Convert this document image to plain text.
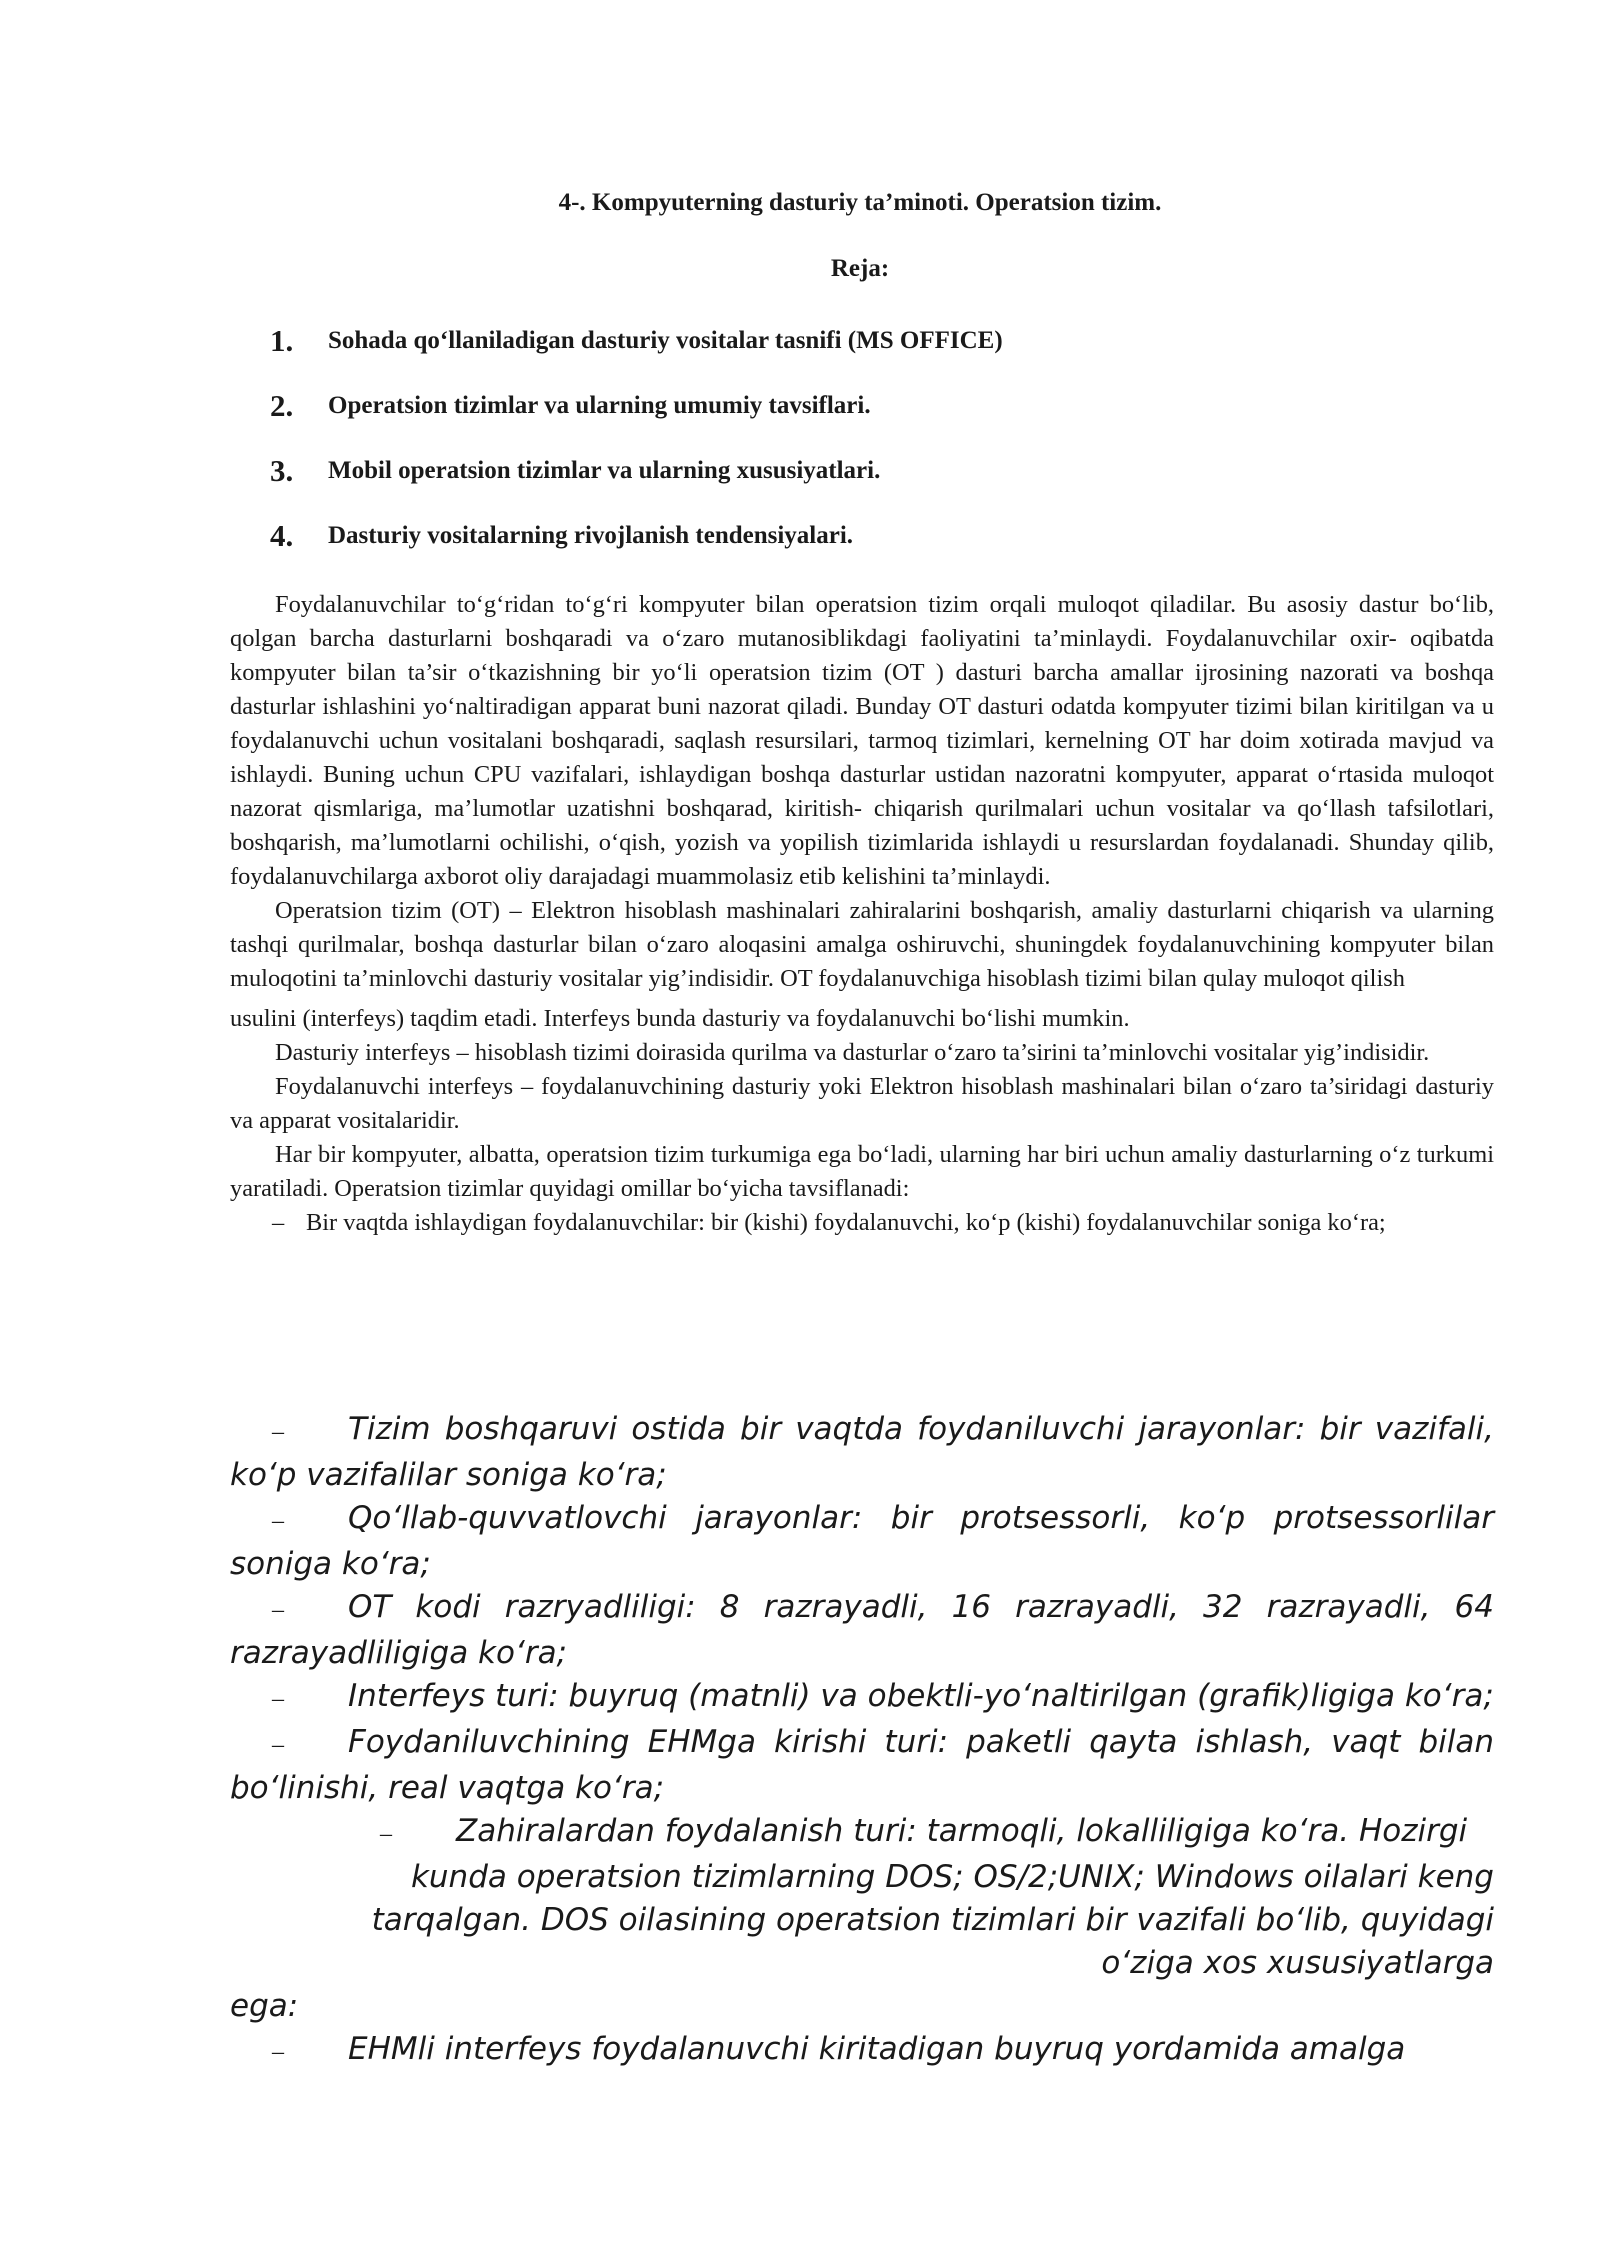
4-. Kompyuterning dasturiy ta’minoti. Operatsion tizim.
Reja:
1.	Sohada qo‘llaniladigan dasturiy vositalar tasnifi (MS OFFICE)
2.	Operatsion tizimlar va ularning umumiy tavsiflari.
3.	Mobil operatsion tizimlar va ularning xususiyatlari.
4.	Dasturiy vositalarning rivojlanish tendensiyalari.

Foydalanuvchilar to‘g‘ridan to‘g‘ri kompyuter bilan operatsion tizim orqali muloqot qiladilar. Bu asosiy dastur bo‘lib, qolgan barcha dasturlarni boshqaradi va o‘zaro mutanosiblikdagi faoliyatini ta’minlaydi. Foydalanuvchilar oxir- oqibatda kompyuter bilan ta’sir o‘tkazishning bir yo‘li operatsion tizim (OT ) dasturi barcha amallar ijrosining nazorati va boshqa dasturlar ishlashini yo‘naltiradigan apparat buni nazorat qiladi. Bunday OT dasturi odatda kompyuter tizimi bilan kiritilgan va u foydalanuvchi uchun vositalani boshqaradi, saqlash resursilari, tarmoq tizimlari, kernelning OT har doim xotirada mavjud va ishlaydi. Buning uchun CPU vazifalari, ishlaydigan boshqa dasturlar ustidan nazoratni kompyuter, apparat o‘rtasida muloqot nazorat qismlariga, ma’lumotlar uzatishni boshqarad, kiritish- chiqarish qurilmalari uchun vositalar va qo‘llash tafsilotlari, boshqarish, ma’lumotlarni ochilishi, o‘qish, yozish va yopilish tizimlarida ishlaydi u resurslardan foydalanadi. Shunday qilib, foydalanuvchilarga axborot oliy darajadagi muammolasiz etib kelishini ta’minlaydi.

Operatsion tizim (OT) – Elektron hisoblash mashinalari zahiralarini boshqarish, amaliy dasturlarni chiqarish va ularning tashqi qurilmalar, boshqa dasturlar bilan o‘zaro aloqasini amalga oshiruvchi, shuningdek foydalanuvchining kompyuter bilan muloqotini ta’minlovchi dasturiy vositalar yig’indisidir. OT foydalanuvchiga hisoblash tizimi bilan qulay muloqot qilish

usulini (interfeys) taqdim etadi. Interfeys bunda dasturiy va foydalanuvchi bo‘lishi mumkin.

Dasturiy interfeys – hisoblash tizimi doirasida qurilma va dasturlar o‘zaro ta’sirini ta’minlovchi vositalar yig’indisidir.

Foydalanuvchi interfeys – foydalanuvchining dasturiy yoki Elektron hisoblash mashinalari bilan o‘zaro ta’siridagi dasturiy va apparat vositalaridir.

Har bir kompyuter, albatta, operatsion tizim turkumiga ega bo‘ladi, ularning har biri uchun amaliy dasturlarning o‘z turkumi yaratiladi. Operatsion tizimlar quyidagi omillar bo‘yicha tavsiflanadi:

–Bir vaqtda ishlaydigan foydalanuvchilar: bir (kishi) foydalanuvchi, ko‘p (kishi) foydalanuvchilar soniga ko‘ra;

–Tizim boshqaruvi ostida bir vaqtda foydaniluvchi jarayonlar: bir vazifali, ko‘p vazifalilar soniga ko‘ra;

–Qo‘llab-quvvatlovchi jarayonlar: bir protsessorli, ko‘p protsessorlilar soniga ko‘ra;

–OT kodi razryadliligi: 8 razrayadli, 16 razrayadli, 32 razrayadli, 64 razrayadliligiga ko‘ra;

–Interfeys turi: buyruq (matnli) va obektli-yo‘naltirilgan (grafik)ligiga ko‘ra;

–Foydaniluvchining EHMga kirishi turi: paketli qayta ishlash, vaqt bilan bo‘linishi, real vaqtga ko‘ra;

–Zahiralardan foydalanish turi: tarmoqli, lokalliligiga ko‘ra. Hozirgi

kunda operatsion tizimlarning DOS; OS/2;UNIX; Windows oilalari keng

tarqalgan. DOS oilasining operatsion tizimlari bir vazifali bo‘lib, quyidagi

o‘ziga xos xususiyatlarga

ega:

–EHMli interfeys foydalanuvchi kiritadigan buyruq yordamida amalga
